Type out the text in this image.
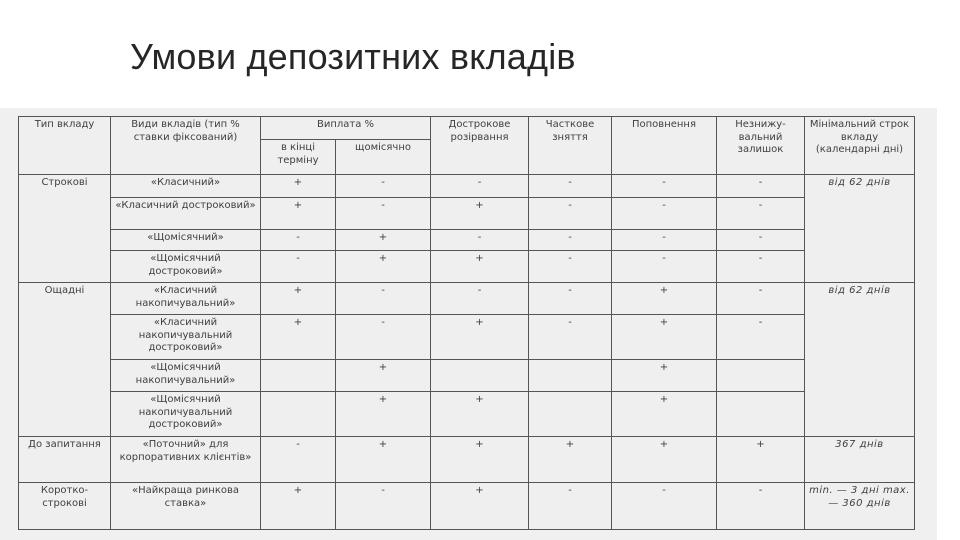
Умови депозитних вкладів
Тип вкладу	Види вкладів (тип % ставки фіксований)	Виплата %		Дострокове розірвання	Часткове зняття	Поповнення	Незнижу-вальний залишок	Мінімальний строк вкладу (календарні дні)
		в кінці терміну	щомісячно					
Строкові	«Класичний»	+	-	-	-	-	-	від 62 днів
	«Класичний достроковий»	+	-	+	-	-	-	
	«Щомісячний»	-	+	-	-	-	-	
	«Щомісячний достроковий»	-	+	+	-	-	-	
Ощадні	«Класичний накопичувальний»	+	-	-	-	+	-	від 62 днів
	«Класичний накопичувальний достроковий»	+	-	+	-	+	-	
	«Щомісячний накопичувальний»		+			+		
	«Щомісячний накопичувальний достроковий»		+	+		+		
До запитання	«Поточний» для корпоративних клієнтів»	-	+	+	+	+	+	367 днів
Коротко-строкові	«Найкраща ринкова ставка»	+	-	+	-	-	-	min. — 3 дні max. — 360 днів
